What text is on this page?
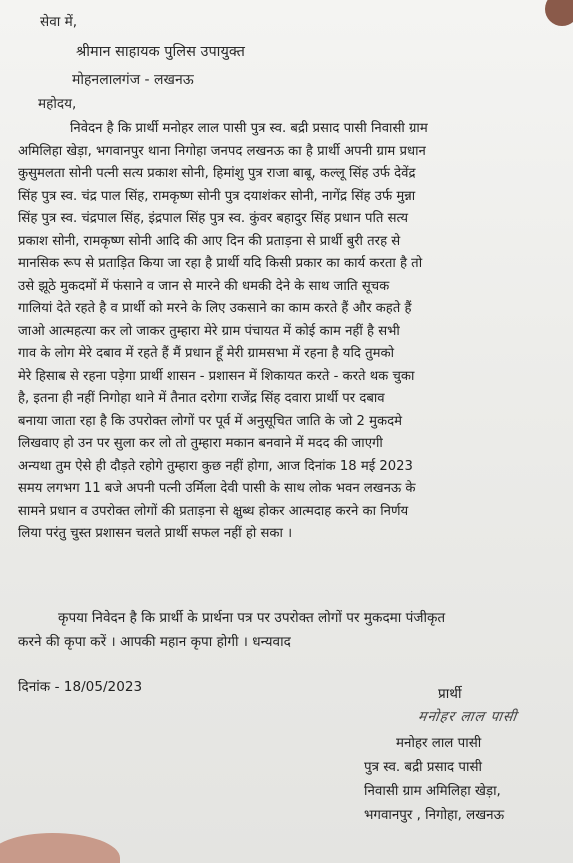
सेवा में,
श्रीमान साहायक पुलिस उपायुक्त
मोहनलालगंज - लखनऊ
महोदय,
निवेदन है कि प्रार्थी मनोहर लाल पासी पुत्र स्व. बद्री प्रसाद पासी निवासी ग्राम
अमिलिहा खेड़ा, भगवानपुर थाना निगोहा जनपद लखनऊ का है प्रार्थी अपनी ग्राम प्रधान
कुसुमलता सोनी पत्नी सत्य प्रकाश सोनी, हिमांशु पुत्र राजा बाबू, कल्लू सिंह उर्फ देवेंद्र
सिंह पुत्र स्व. चंद्र पाल सिंह, रामकृष्ण सोनी पुत्र दयाशंकर सोनी, नागेंद्र सिंह उर्फ मुन्ना
सिंह पुत्र स्व. चंद्रपाल सिंह, इंद्रपाल सिंह पुत्र स्व. कुंवर बहादुर सिंह प्रधान पति सत्य
प्रकाश सोनी, रामकृष्ण सोनी आदि की आए दिन की प्रताड़ना से प्रार्थी बुरी तरह से
मानसिक रूप से प्रताड़ित किया जा रहा है प्रार्थी यदि किसी प्रकार का कार्य करता है तो
उसे झूठे मुकदमों में फंसाने व जान से मारने की धमकी देने के साथ जाति सूचक
गालियां देते रहते है व प्रार्थी को मरने के लिए उकसाने का काम करते हैं और कहते हैं
जाओ आत्महत्या कर लो जाकर तुम्हारा मेरे ग्राम पंचायत में कोई काम नहीं है सभी
गाव के लोग मेरे दबाव में रहते हैं मैं प्रधान हूँ मेरी ग्रामसभा में रहना है यदि तुमको
मेरे हिसाब से रहना पड़ेगा प्रार्थी शासन - प्रशासन में शिकायत करते - करते थक चुका
है, इतना ही नहीं निगोहा थाने में तैनात दरोगा राजेंद्र सिंह दवारा प्रार्थी पर दबाव
बनाया जाता रहा है कि उपरोक्त लोगों पर पूर्व में अनुसूचित जाति के जो 2 मुकदमे
लिखवाए हो उन पर सुला कर लो तो तुम्हारा मकान बनवाने में मदद की जाएगी
अन्यथा तुम ऐसे ही दौड़ते रहोगे तुम्हारा कुछ नहीं होगा, आज दिनांक 18 मई 2023
समय लगभग 11 बजे अपनी पत्नी उर्मिला देवी पासी के साथ लोक भवन लखनऊ के
सामने प्रधान व उपरोक्त लोगों की प्रताड़ना से क्षुब्ध होकर आत्मदाह करने का निर्णय
लिया परंतु चुस्त प्रशासन चलते प्रार्थी सफल नहीं हो सका ।
कृपया निवेदन है कि प्रार्थी के प्रार्थना पत्र पर उपरोक्त लोगों पर मुकदमा पंजीकृत
करने की कृपा करें । आपकी महान कृपा होगी । धन्यवाद
दिनांक - 18/05/2023	प्रार्थी
मनोहर लाल पासी
मनोहर लाल पासी
पुत्र स्व. बद्री प्रसाद पासी
निवासी ग्राम अमिलिहा खेड़ा,
भगवानपुर , निगोहा, लखनऊ
